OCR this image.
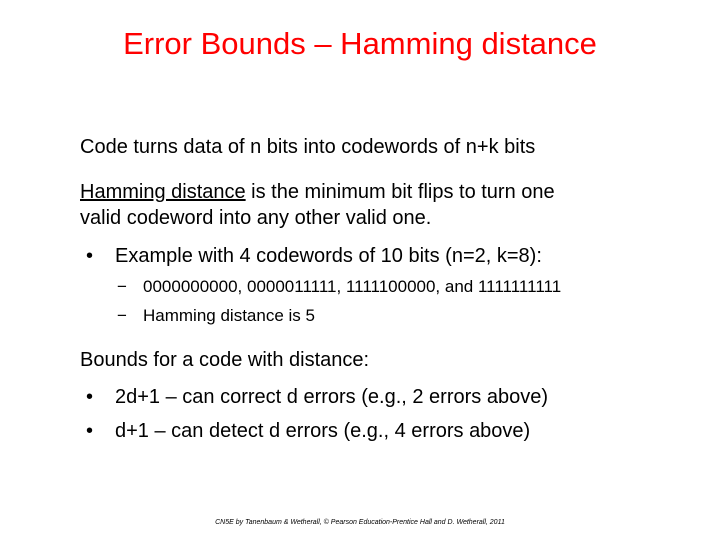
Error Bounds – Hamming distance
Code turns data of n bits into codewords of n+k bits
Hamming distance is the minimum bit flips to turn one
valid codeword into any other valid one.
• Example with 4 codewords of 10 bits (n=2, k=8):
− 0000000000, 0000011111, 1111100000, and 1111111111
− Hamming distance is 5
Bounds for a code with distance:
• 2d+1 – can correct d errors (e.g., 2 errors above)
• d+1 – can detect d errors (e.g., 4 errors above)
CN5E by Tanenbaum & Wetherall, © Pearson Education-Prentice Hall and D. Wetherall, 2011
